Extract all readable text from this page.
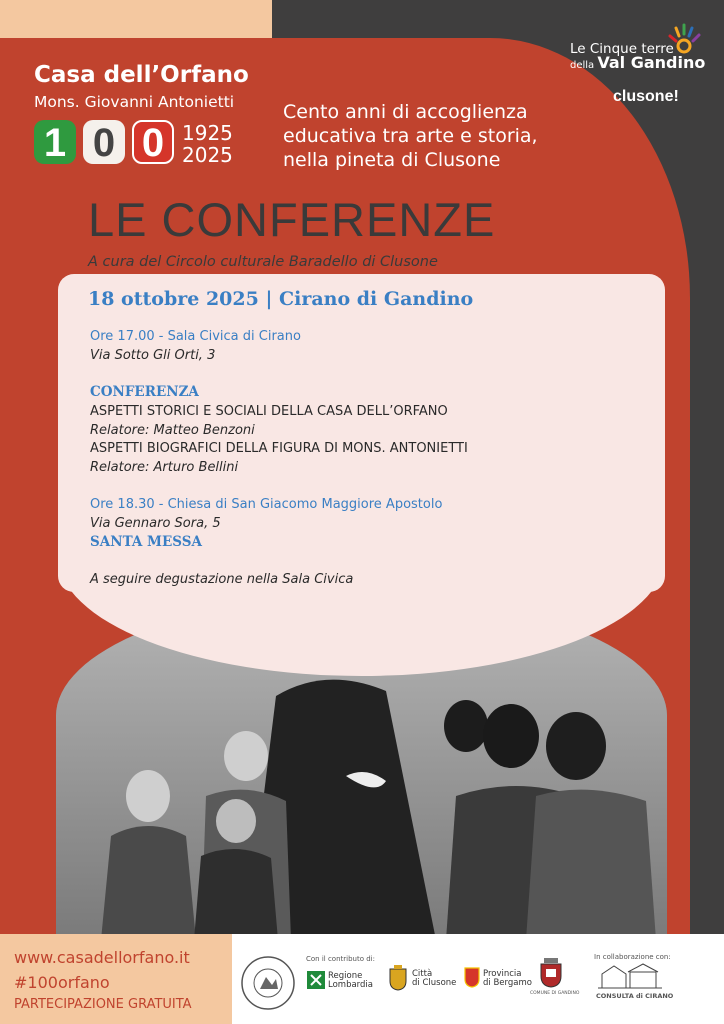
Casa dell’Orfano
Mons. Giovanni Antonietti
1 0 0 1925
2025
Cento anni di accoglienza
educativa tra arte e storia,
nella pineta di Clusone
Le Cinque terre
della Val Gandino
clusone!
LE CONFERENZE
A cura del Circolo culturale Baradello di Clusone
18 ottobre 2025 | Cirano di Gandino
Ore 17.00 - Sala Civica di Cirano
Via Sotto Gli Orti, 3
CONFERENZA
ASPETTI STORICI E SOCIALI DELLA CASA DELL’ORFANO
Relatore: Matteo Benzoni
ASPETTI BIOGRAFICI DELLA FIGURA DI MONS. ANTONIETTI
Relatore: Arturo Bellini
Ore 18.30 - Chiesa di San Giacomo Maggiore Apostolo
Via Gennaro Sora, 5
SANTA MESSA
A seguire degustazione nella Sala Civica
www.casadellorfano.it
#100orfano
PARTECIPAZIONE GRATUITA
Con il contributo di:	In collaborazione con:
Regione
Lombardia
Città
di Clusone
Provincia
di Bergamo
COMUNE DI GANDINO	CONSULTA di CIRANO
